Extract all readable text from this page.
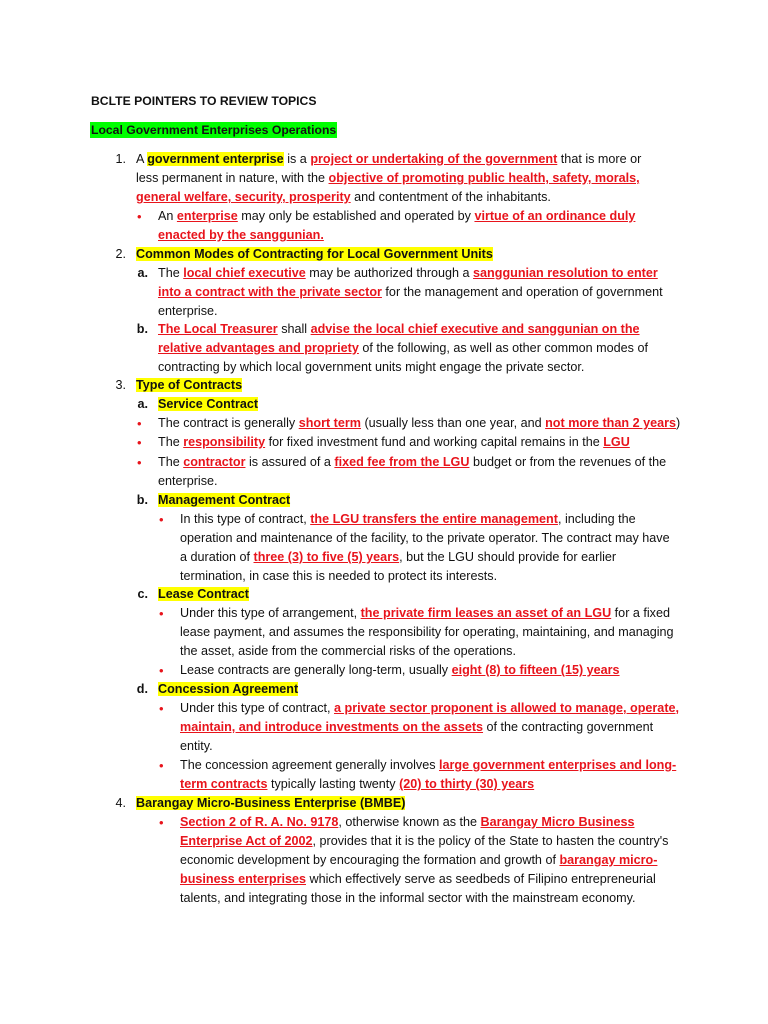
BCLTE POINTERS TO REVIEW TOPICS
Local Government Enterprises Operations
1. A government enterprise is a project or undertaking of the government that is more or less permanent in nature, with the objective of promoting public health, safety, morals, general welfare, security, prosperity and contentment of the inhabitants.
• An enterprise may only be established and operated by virtue of an ordinance duly enacted by the sanggunian.
2. Common Modes of Contracting for Local Government Units
a. The local chief executive may be authorized through a sanggunian resolution to enter into a contract with the private sector for the management and operation of government enterprise.
b. The Local Treasurer shall advise the local chief executive and sanggunian on the relative advantages and propriety of the following, as well as other common modes of contracting by which local government units might engage the private sector.
3. Type of Contracts
a. Service Contract
• The contract is generally short term (usually less than one year, and not more than 2 years)
• The responsibility for fixed investment fund and working capital remains in the LGU
• The contractor is assured of a fixed fee from the LGU budget or from the revenues of the enterprise.
b. Management Contract
• In this type of contract, the LGU transfers the entire management, including the operation and maintenance of the facility, to the private operator. The contract may have a duration of three (3) to five (5) years, but the LGU should provide for earlier termination, in case this is needed to protect its interests.
c. Lease Contract
• Under this type of arrangement, the private firm leases an asset of an LGU for a fixed lease payment, and assumes the responsibility for operating, maintaining, and managing the asset, aside from the commercial risks of the operations.
• Lease contracts are generally long-term, usually eight (8) to fifteen (15) years
d. Concession Agreement
• Under this type of contract, a private sector proponent is allowed to manage, operate, maintain, and introduce investments on the assets of the contracting government entity.
• The concession agreement generally involves large government enterprises and long-term contracts typically lasting twenty (20) to thirty (30) years
4. Barangay Micro-Business Enterprise (BMBE)
• Section 2 of R. A. No. 9178, otherwise known as the Barangay Micro Business Enterprise Act of 2002, provides that it is the policy of the State to hasten the country's economic development by encouraging the formation and growth of barangay micro-business enterprises which effectively serve as seedbeds of Filipino entrepreneurial talents, and integrating those in the informal sector with the mainstream economy.
